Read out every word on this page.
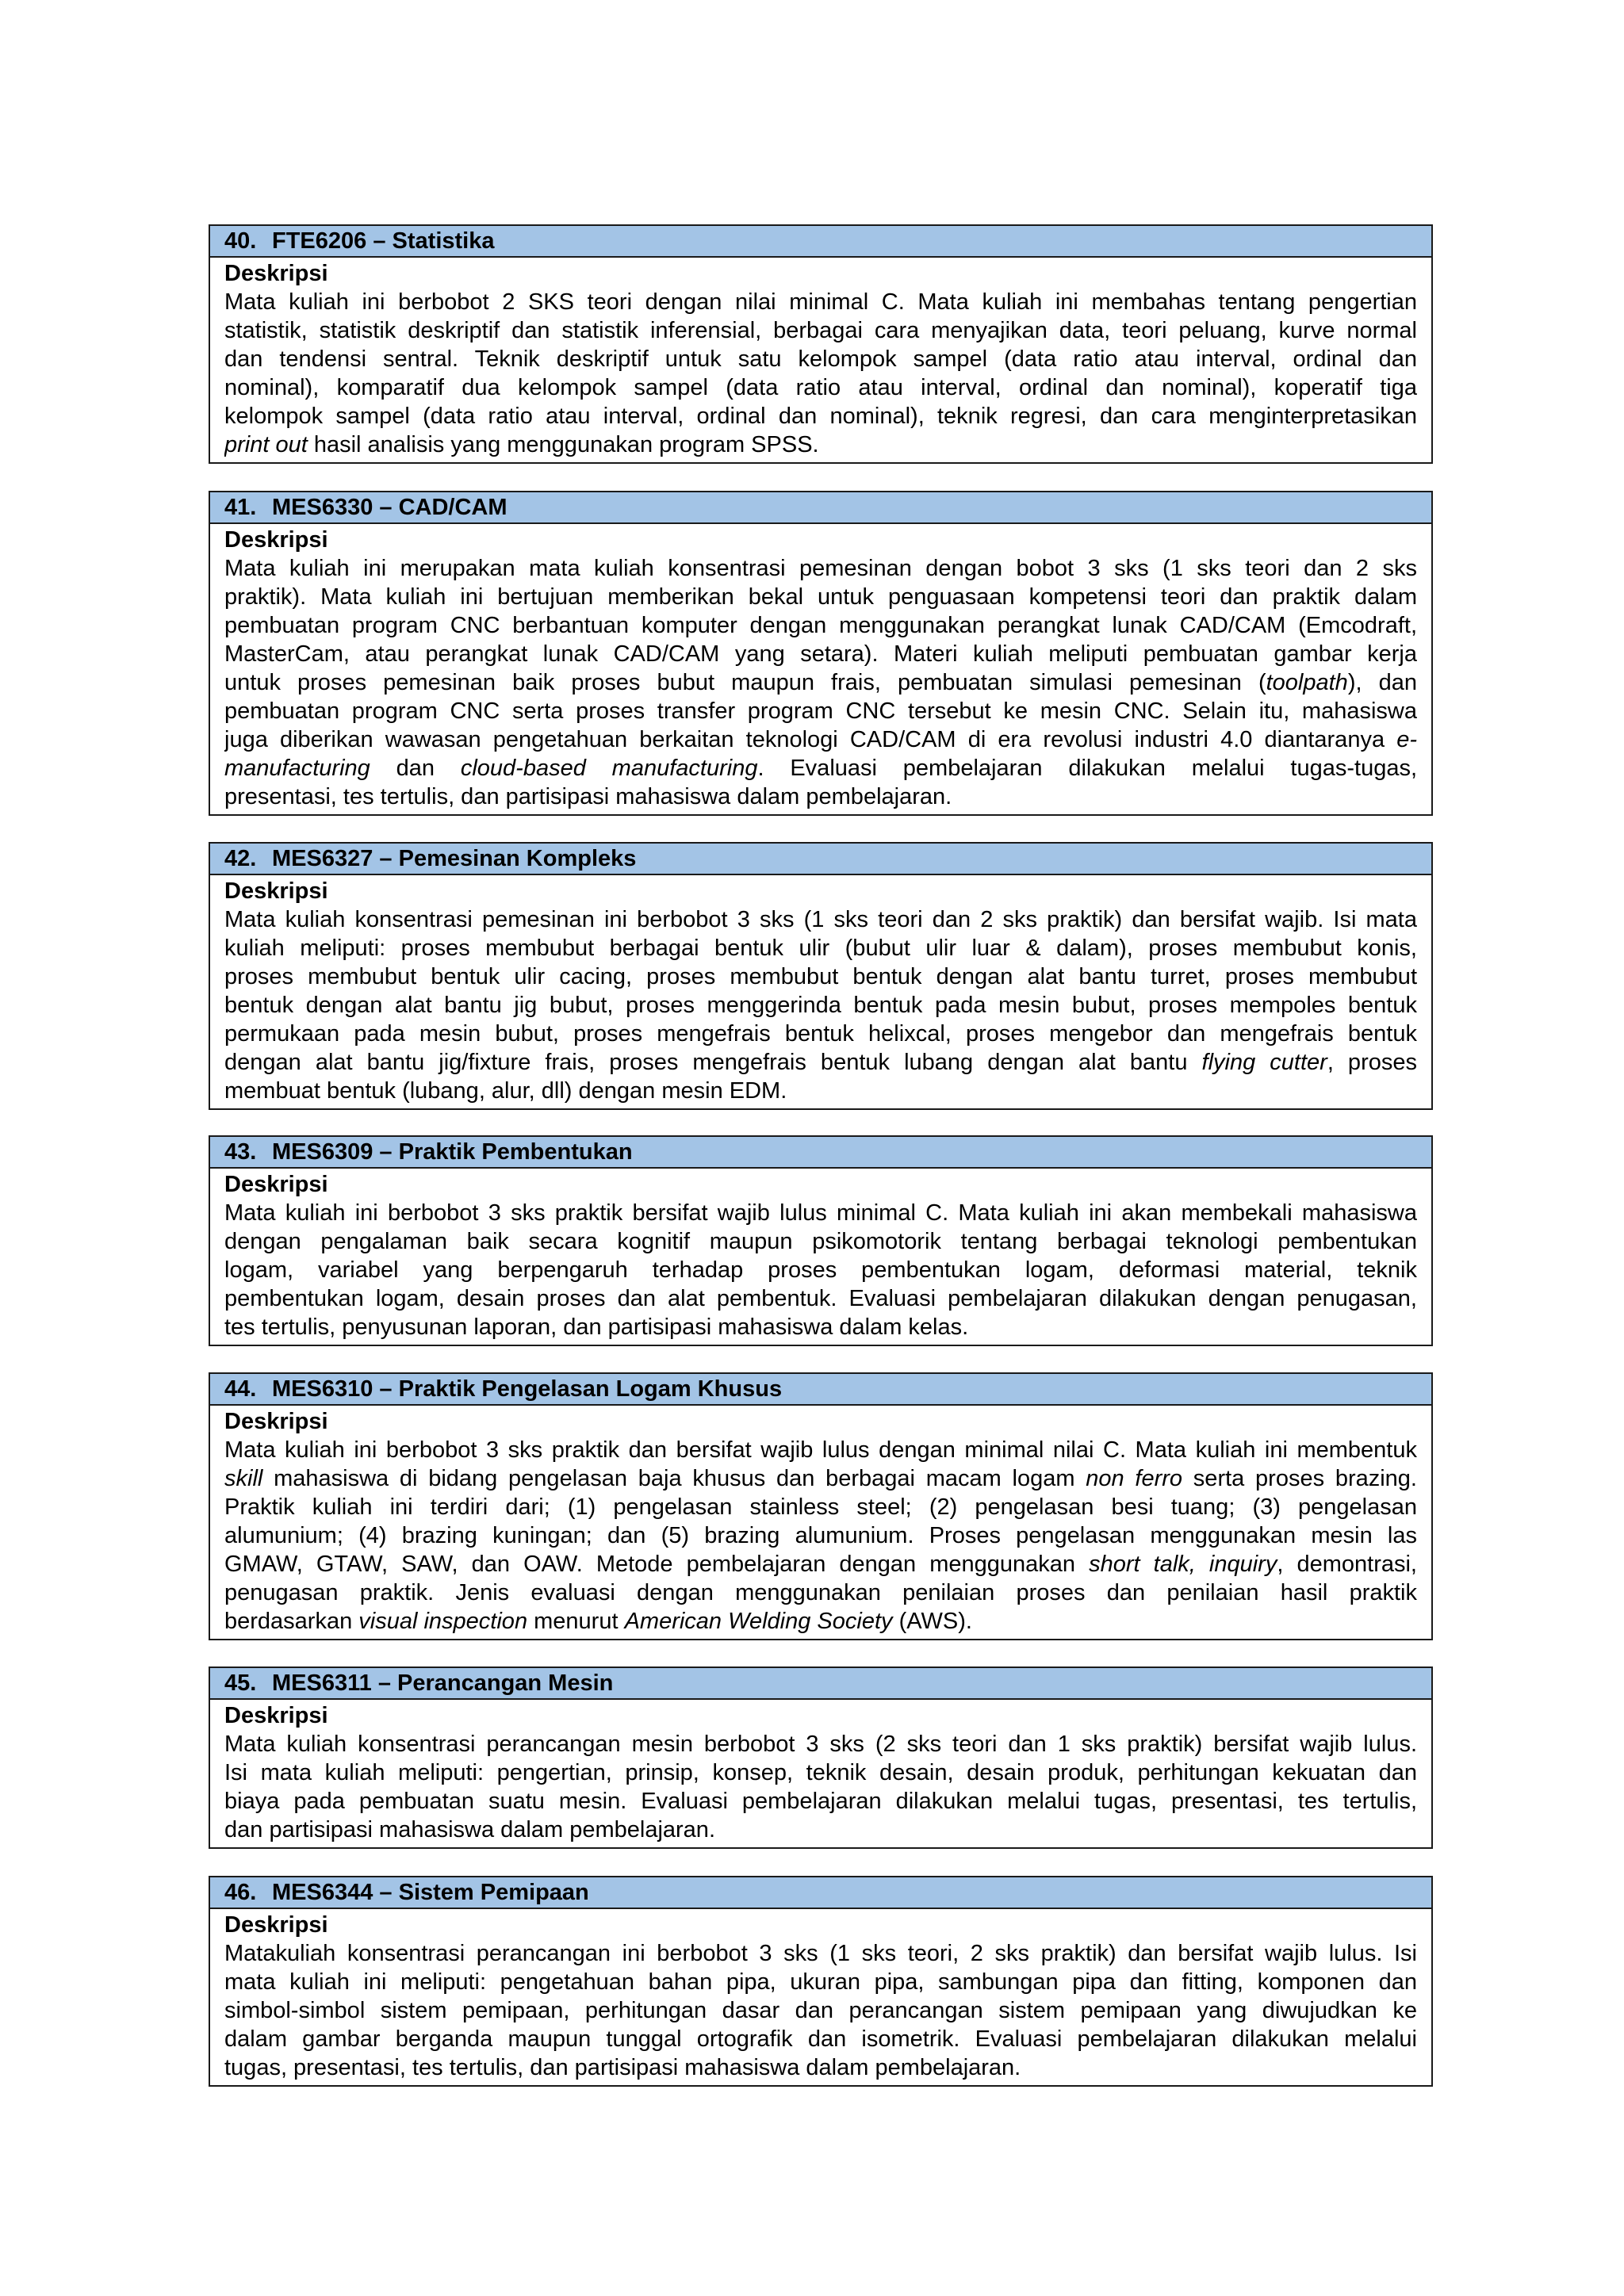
40. FTE6206 – Statistika
Deskripsi
Mata kuliah ini berbobot 2 SKS teori dengan nilai minimal C. Mata kuliah ini membahas tentang pengertian
statistik, statistik deskriptif dan statistik inferensial, berbagai cara menyajikan data, teori peluang, kurve normal
dan tendensi sentral. Teknik deskriptif untuk satu kelompok sampel (data ratio atau interval, ordinal dan
nominal), komparatif dua kelompok sampel (data ratio atau interval, ordinal dan nominal), koperatif tiga
kelompok sampel (data ratio atau interval, ordinal dan nominal), teknik regresi, dan cara menginterpretasikan
print out hasil analisis yang menggunakan program SPSS.
41. MES6330 – CAD/CAM
Deskripsi
Mata kuliah ini merupakan mata kuliah konsentrasi pemesinan dengan bobot 3 sks (1 sks teori dan 2 sks
praktik). Mata kuliah ini bertujuan memberikan bekal untuk penguasaan kompetensi teori dan praktik dalam
pembuatan program CNC berbantuan komputer dengan menggunakan perangkat lunak CAD/CAM (Emcodraft,
MasterCam, atau perangkat lunak CAD/CAM yang setara). Materi kuliah meliputi pembuatan gambar kerja
untuk proses pemesinan baik proses bubut maupun frais, pembuatan simulasi pemesinan (toolpath), dan
pembuatan program CNC serta proses transfer program CNC tersebut ke mesin CNC. Selain itu, mahasiswa
juga diberikan wawasan pengetahuan berkaitan teknologi CAD/CAM di era revolusi industri 4.0 diantaranya e-
manufacturing dan cloud-based manufacturing. Evaluasi pembelajaran dilakukan melalui tugas-tugas,
presentasi, tes tertulis, dan partisipasi mahasiswa dalam pembelajaran.
42. MES6327 – Pemesinan Kompleks
Deskripsi
Mata kuliah konsentrasi pemesinan ini berbobot 3 sks (1 sks teori dan 2 sks praktik) dan bersifat wajib. Isi mata
kuliah meliputi: proses membubut berbagai bentuk ulir (bubut ulir luar & dalam), proses membubut konis,
proses membubut bentuk ulir cacing, proses membubut bentuk dengan alat bantu turret, proses membubut
bentuk dengan alat bantu jig bubut, proses menggerinda bentuk pada mesin bubut, proses mempoles bentuk
permukaan pada mesin bubut, proses mengefrais bentuk helixcal, proses mengebor dan mengefrais bentuk
dengan alat bantu jig/fixture frais, proses mengefrais bentuk lubang dengan alat bantu flying cutter, proses
membuat bentuk (lubang, alur, dll) dengan mesin EDM.
43. MES6309 – Praktik Pembentukan
Deskripsi
Mata kuliah ini berbobot 3 sks praktik bersifat wajib lulus minimal C. Mata kuliah ini akan membekali mahasiswa
dengan pengalaman baik secara kognitif maupun psikomotorik tentang berbagai teknologi pembentukan
logam, variabel yang berpengaruh terhadap proses pembentukan logam, deformasi material, teknik
pembentukan logam, desain proses dan alat pembentuk. Evaluasi pembelajaran dilakukan dengan penugasan,
tes tertulis, penyusunan laporan, dan partisipasi mahasiswa dalam kelas.
44. MES6310 – Praktik Pengelasan Logam Khusus
Deskripsi
Mata kuliah ini berbobot 3 sks praktik dan bersifat wajib lulus dengan minimal nilai C. Mata kuliah ini membentuk
skill mahasiswa di bidang pengelasan baja khusus dan berbagai macam logam non ferro serta proses brazing.
Praktik kuliah ini terdiri dari; (1) pengelasan stainless steel; (2) pengelasan besi tuang; (3) pengelasan
alumunium; (4) brazing kuningan; dan (5) brazing alumunium. Proses pengelasan menggunakan mesin las
GMAW, GTAW, SAW, dan OAW. Metode pembelajaran dengan menggunakan short talk, inquiry, demontrasi,
penugasan praktik. Jenis evaluasi dengan menggunakan penilaian proses dan penilaian hasil praktik
berdasarkan visual inspection menurut American Welding Society (AWS).
45. MES6311 – Perancangan Mesin
Deskripsi
Mata kuliah konsentrasi perancangan mesin berbobot 3 sks (2 sks teori dan 1 sks praktik) bersifat wajib lulus.
Isi mata kuliah meliputi: pengertian, prinsip, konsep, teknik desain, desain produk, perhitungan kekuatan dan
biaya pada pembuatan suatu mesin. Evaluasi pembelajaran dilakukan melalui tugas, presentasi, tes tertulis,
dan partisipasi mahasiswa dalam pembelajaran.
46. MES6344 – Sistem Pemipaan
Deskripsi
Matakuliah konsentrasi perancangan ini berbobot 3 sks (1 sks teori, 2 sks praktik) dan bersifat wajib lulus. Isi
mata kuliah ini meliputi: pengetahuan bahan pipa, ukuran pipa, sambungan pipa dan fitting, komponen dan
simbol-simbol sistem pemipaan, perhitungan dasar dan perancangan sistem pemipaan yang diwujudkan ke
dalam gambar berganda maupun tunggal ortografik dan isometrik. Evaluasi pembelajaran dilakukan melalui
tugas, presentasi, tes tertulis, dan partisipasi mahasiswa dalam pembelajaran.
